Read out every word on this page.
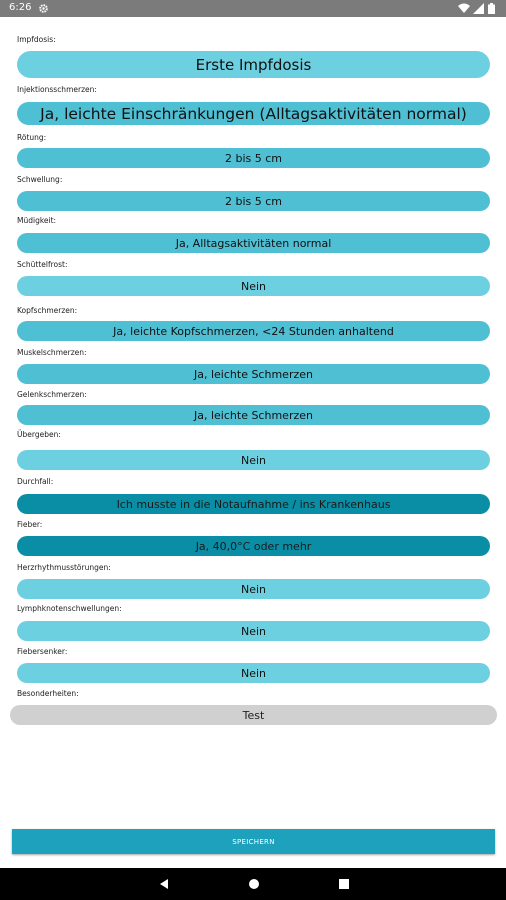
6:26
Impfdosis:
Erste Impfdosis
Injektionsschmerzen:
Ja, leichte Einschränkungen (Alltagsaktivitäten normal)
Rötung:
2 bis 5 cm
Schwellung:
2 bis 5 cm
Müdigkeit:
Ja, Alltagsaktivitäten normal
Schüttelfrost:
Nein
Kopfschmerzen:
Ja, leichte Kopfschmerzen, <24 Stunden anhaltend
Muskelschmerzen:
Ja, leichte Schmerzen
Gelenkschmerzen:
Ja, leichte Schmerzen
Übergeben:
Nein
Durchfall:
Ich musste in die Notaufnahme / ins Krankenhaus
Fieber:
Ja, 40,0°C oder mehr
Herzrhythmusstörungen:
Nein
Lymphknotenschwellungen:
Nein
Fiebersenker:
Nein
Besonderheiten:
Test
SPEICHERN
